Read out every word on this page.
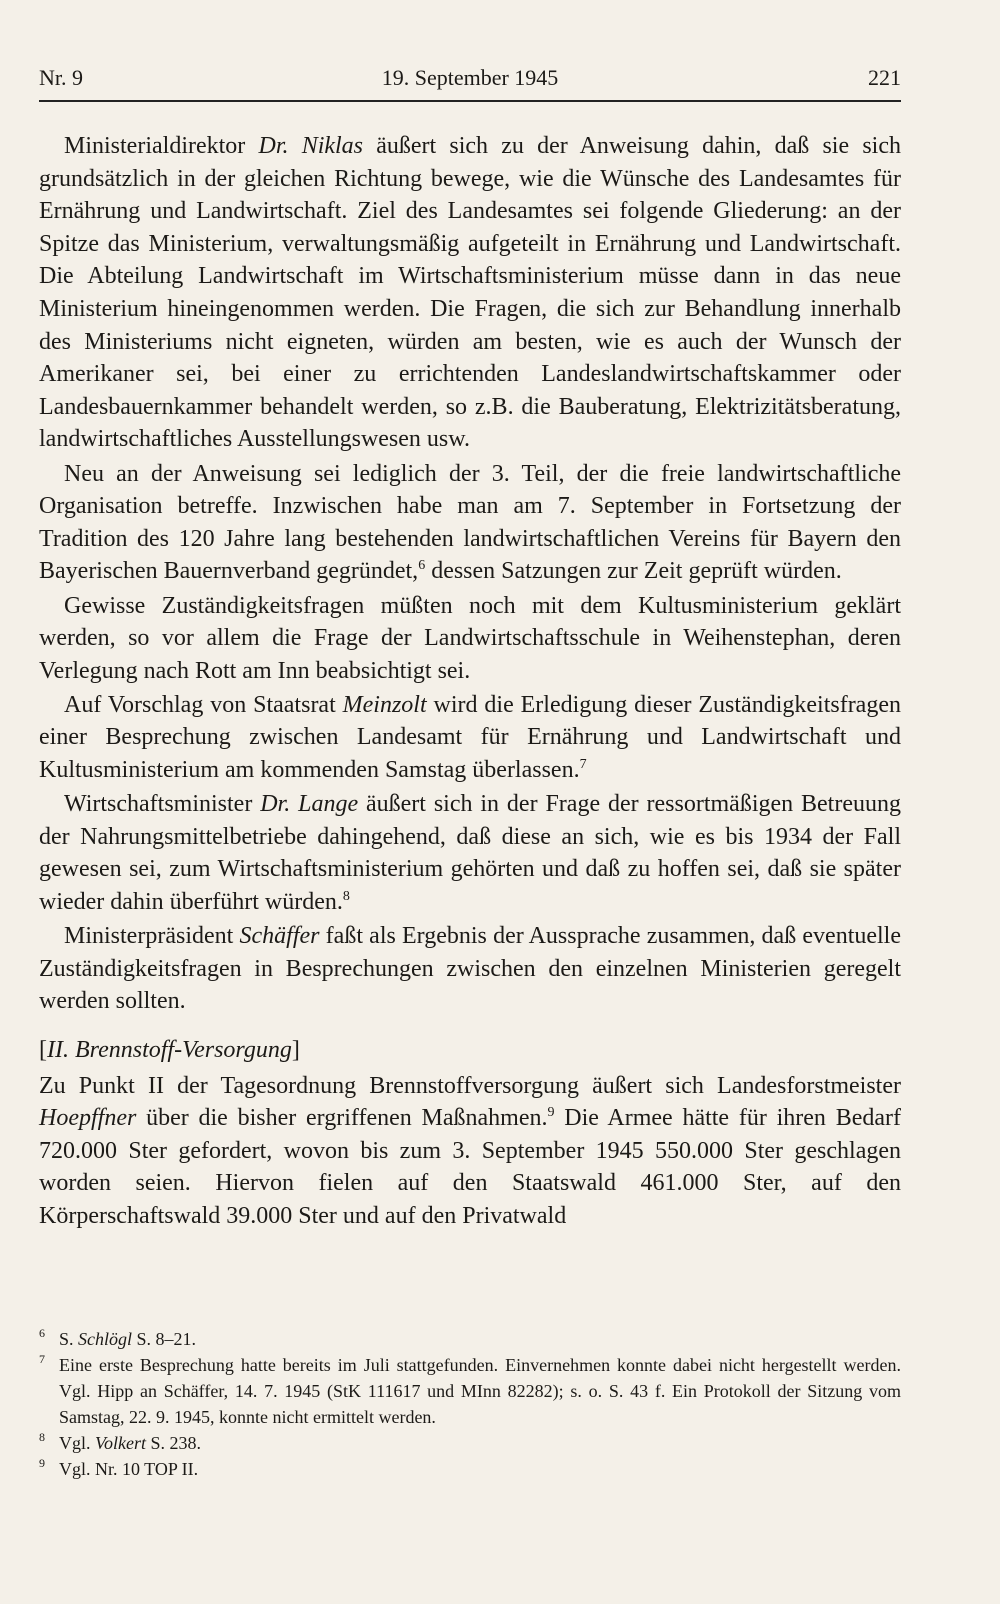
Nr. 9	19. September 1945	221

Ministerialdirektor Dr. Niklas äußert sich zu der Anweisung dahin, daß sie sich grundsätzlich in der gleichen Richtung bewege, wie die Wünsche des Landesamtes für Ernährung und Landwirtschaft. Ziel des Landesamtes sei folgende Gliederung: an der Spitze das Ministerium, verwaltungsmäßig aufgeteilt in Ernährung und Landwirtschaft. Die Abteilung Landwirtschaft im Wirtschaftsministerium müsse dann in das neue Ministerium hineingenommen werden. Die Fragen, die sich zur Behandlung innerhalb des Ministeriums nicht eigneten, würden am besten, wie es auch der Wunsch der Amerikaner sei, bei einer zu errichtenden Landeslandwirtschaftskammer oder Landesbauernkammer behandelt werden, so z.B. die Bauberatung, Elektrizitätsberatung, landwirtschaftliches Ausstellungswesen usw.

Neu an der Anweisung sei lediglich der 3. Teil, der die freie landwirtschaftliche Organisation betreffe. Inzwischen habe man am 7. September in Fortsetzung der Tradition des 120 Jahre lang bestehenden landwirtschaftlichen Vereins für Bayern den Bayerischen Bauernverband gegründet,$^6$ dessen Satzungen zur Zeit geprüft würden.

Gewisse Zuständigkeitsfragen müßten noch mit dem Kultusministerium geklärt werden, so vor allem die Frage der Landwirtschaftsschule in Weihenstephan, deren Verlegung nach Rott am Inn beabsichtigt sei.

Auf Vorschlag von Staatsrat Meinzolt wird die Erledigung dieser Zuständigkeitsfragen einer Besprechung zwischen Landesamt für Ernährung und Landwirtschaft und Kultusministerium am kommenden Samstag überlassen.$^7$

Wirtschaftsminister Dr. Lange äußert sich in der Frage der ressortmäßigen Betreuung der Nahrungsmittelbetriebe dahingehend, daß diese an sich, wie es bis 1934 der Fall gewesen sei, zum Wirtschaftsministerium gehörten und daß zu hoffen sei, daß sie später wieder dahin überführt würden.$^8$

Ministerpräsident Schäffer faßt als Ergebnis der Aussprache zusammen, daß eventuelle Zuständigkeitsfragen in Besprechungen zwischen den einzelnen Ministerien geregelt werden sollten.

[II. Brennstoff-Versorgung]

Zu Punkt II der Tagesordnung Brennstoffversorgung äußert sich Landesforstmeister Hoepffner über die bisher ergriffenen Maßnahmen.$^9$ Die Armee hätte für ihren Bedarf 720.000 Ster gefordert, wovon bis zum 3. September 1945 550.000 Ster geschlagen worden seien. Hiervon fielen auf den Staatswald 461.000 Ster, auf den Körperschaftswald 39.000 Ster und auf den Privatwald

6 S. Schlögl S. 8–21.

7 Eine erste Besprechung hatte bereits im Juli stattgefunden. Einvernehmen konnte dabei nicht hergestellt werden. Vgl. Hipp an Schäffer, 14. 7. 1945 (StK 111617 und MInn 82282); s. o. S. 43 f. Ein Protokoll der Sitzung vom Samstag, 22. 9. 1945, konnte nicht ermittelt werden.

8 Vgl. Volkert S. 238.

9 Vgl. Nr. 10 TOP II.
